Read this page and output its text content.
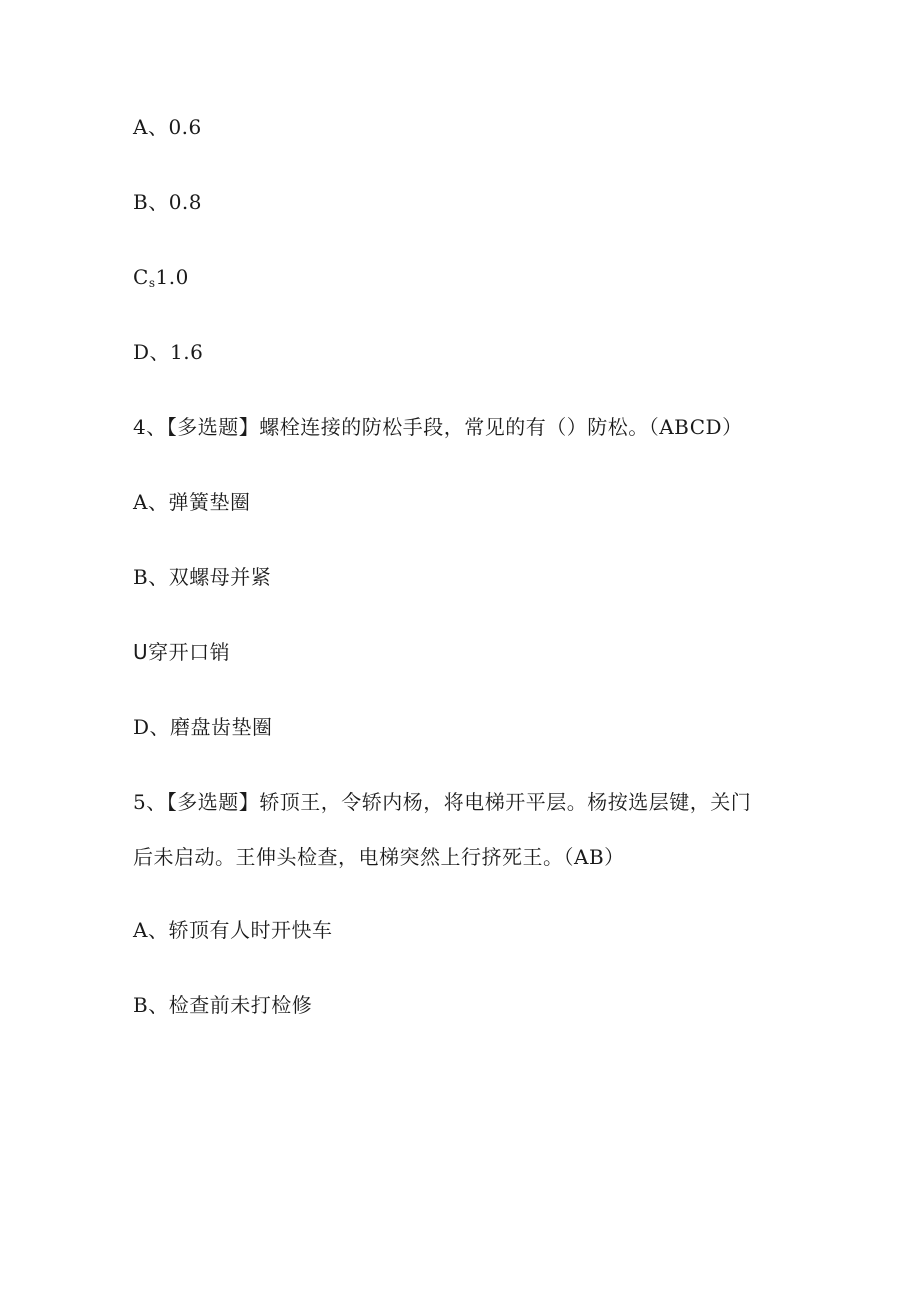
A、0.6

B、0.8

$C_s1.0$

D、1.6

4、【多选题】螺栓连接的防松手段，常见的有（）防松。（ABCD）

A、弹簧垫圈

B、双螺母并紧

U穿开口销

D、磨盘齿垫圈

5、【多选题】轿顶王，令轿内杨，将电梯开平层。杨按选层键，关门

后未启动。王伸头检查，电梯突然上行挤死王。（AB）

A、轿顶有人时开快车

B、检查前未打检修
